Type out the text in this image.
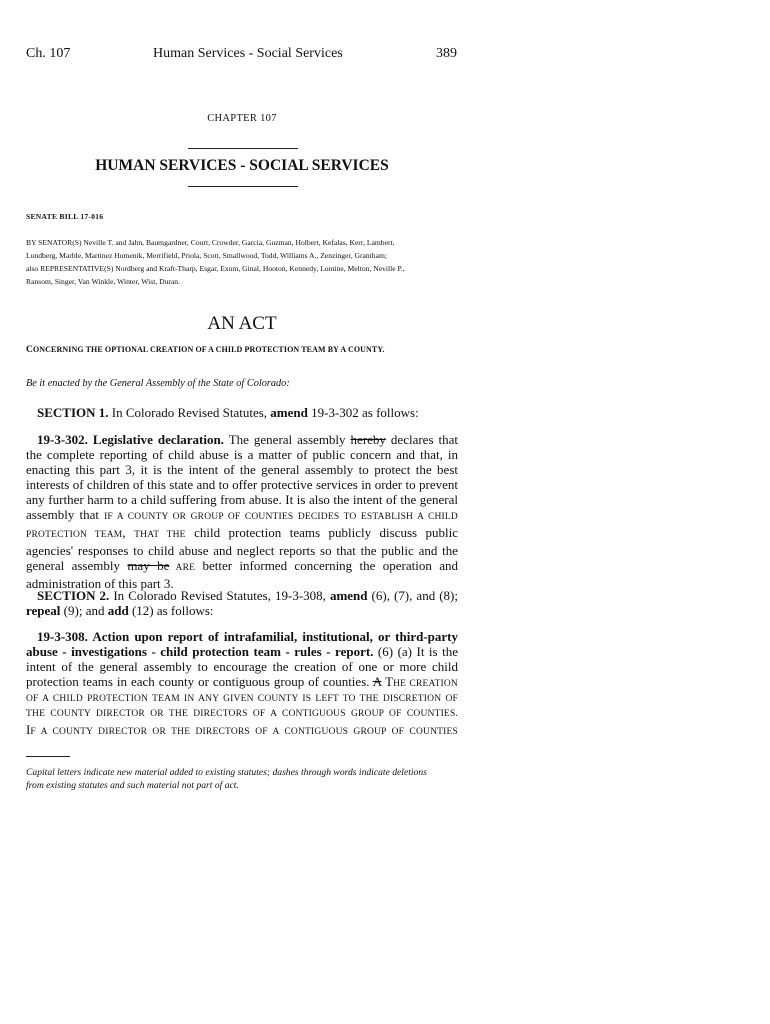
Ch. 107	Human Services - Social Services	389
CHAPTER 107
HUMAN SERVICES - SOCIAL SERVICES
SENATE BILL 17-016
BY SENATOR(S) Neville T. and Jahn, Baumgardner, Court, Crowder, Garcia, Guzman, Holbert, Kefalas, Kerr, Lambert,
Lundberg, Marble, Martinez Humenik, Merrifield, Priola, Scott, Smallwood, Todd, Williams A., Zenzinger, Grantham;
also REPRESENTATIVE(S) Nordberg and Kraft-Tharp, Esgar, Exum, Ginal, Hooton, Kennedy, Lontine, Melton, Neville P.,
Ransom, Singer, Van Winkle, Winter, Wist, Duran.
AN ACT
CONCERNING THE OPTIONAL CREATION OF A CHILD PROTECTION TEAM BY A COUNTY.
Be it enacted by the General Assembly of the State of Colorado:
SECTION 1. In Colorado Revised Statutes, amend 19-3-302 as follows:
19-3-302. Legislative declaration. The general assembly hereby declares that
the complete reporting of child abuse is a matter of public concern and that, in
enacting this part 3, it is the intent of the general assembly to protect the best
interests of children of this state and to offer protective services in order to prevent
any further harm to a child suffering from abuse. It is also the intent of the general
assembly that IF A COUNTY OR GROUP OF COUNTIES DECIDES TO ESTABLISH A CHILD
PROTECTION TEAM, THAT THE child protection teams publicly discuss public
agencies' responses to child abuse and neglect reports so that the public and the
general assembly may be ARE better informed concerning the operation and
administration of this part 3.
SECTION 2. In Colorado Revised Statutes, 19-3-308, amend (6), (7), and (8);
repeal (9); and add (12) as follows:
19-3-308. Action upon report of intrafamilial, institutional, or third-party
abuse - investigations - child protection team - rules - report. (6) (a) It is the
intent of the general assembly to encourage the creation of one or more child
protection teams in each county or contiguous group of counties. A THE CREATION
OF A CHILD PROTECTION TEAM IN ANY GIVEN COUNTY IS LEFT TO THE DISCRETION OF
THE COUNTY DIRECTOR OR THE DIRECTORS OF A CONTIGUOUS GROUP OF COUNTIES.
IF A COUNTY DIRECTOR OR THE DIRECTORS OF A CONTIGUOUS GROUP OF COUNTIES
Capital letters indicate new material added to existing statutes; dashes through words indicate deletions
from existing statutes and such material not part of act.
